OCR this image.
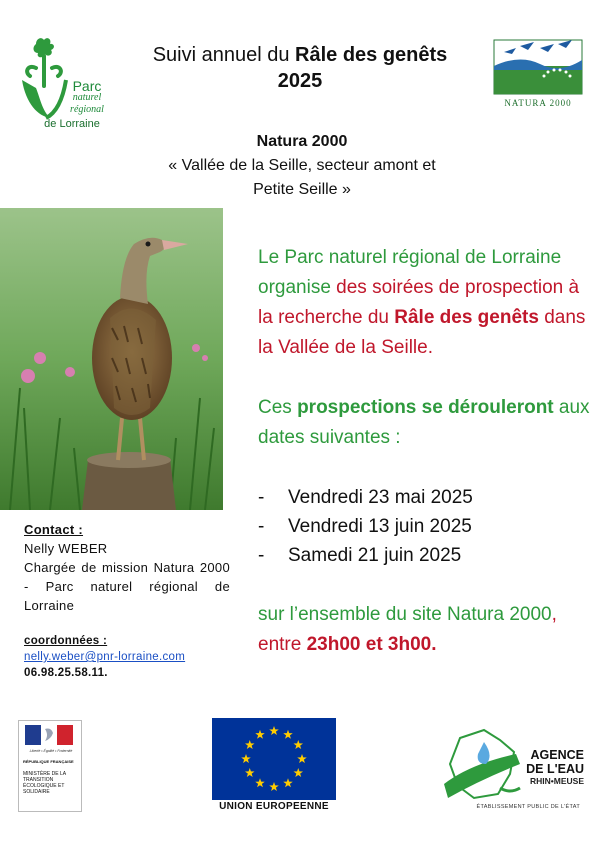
Parc
naturel
régional
de Lorraine
Suivi annuel du Râle des genêts
2025
NATURA 2000
Natura 2000
« Vallée de la Seille, secteur amont et
Petite Seille »

Le Parc naturel régional de Lorraine organise des soirées de prospection à la recherche du Râle des genêts dans la Vallée de la Seille.

Ces prospections se dérouleront aux dates suivantes :

- Vendredi 23 mai 2025
- Vendredi 13 juin 2025
- Samedi 21 juin 2025

sur l’ensemble du site Natura 2000, entre 23h00 et 3h00.

Contact :
Nelly WEBER
Chargée de mission Natura 2000 - Parc naturel régional de Lorraine
coordonnées :
nelly.weber@pnr-lorraine.com
06.98.25.58.11.
Liberté • Égalité • Fraternité
RÉPUBLIQUE FRANÇAISE
MINISTÈRE DE LA TRANSITION ÉCOLOGIQUE ET SOLIDAIRE
UNION EUROPEENNE
AGENCE
DE L'EAU
RHIN•MEUSE
ÉTABLISSEMENT PUBLIC DE L'ÉTAT
